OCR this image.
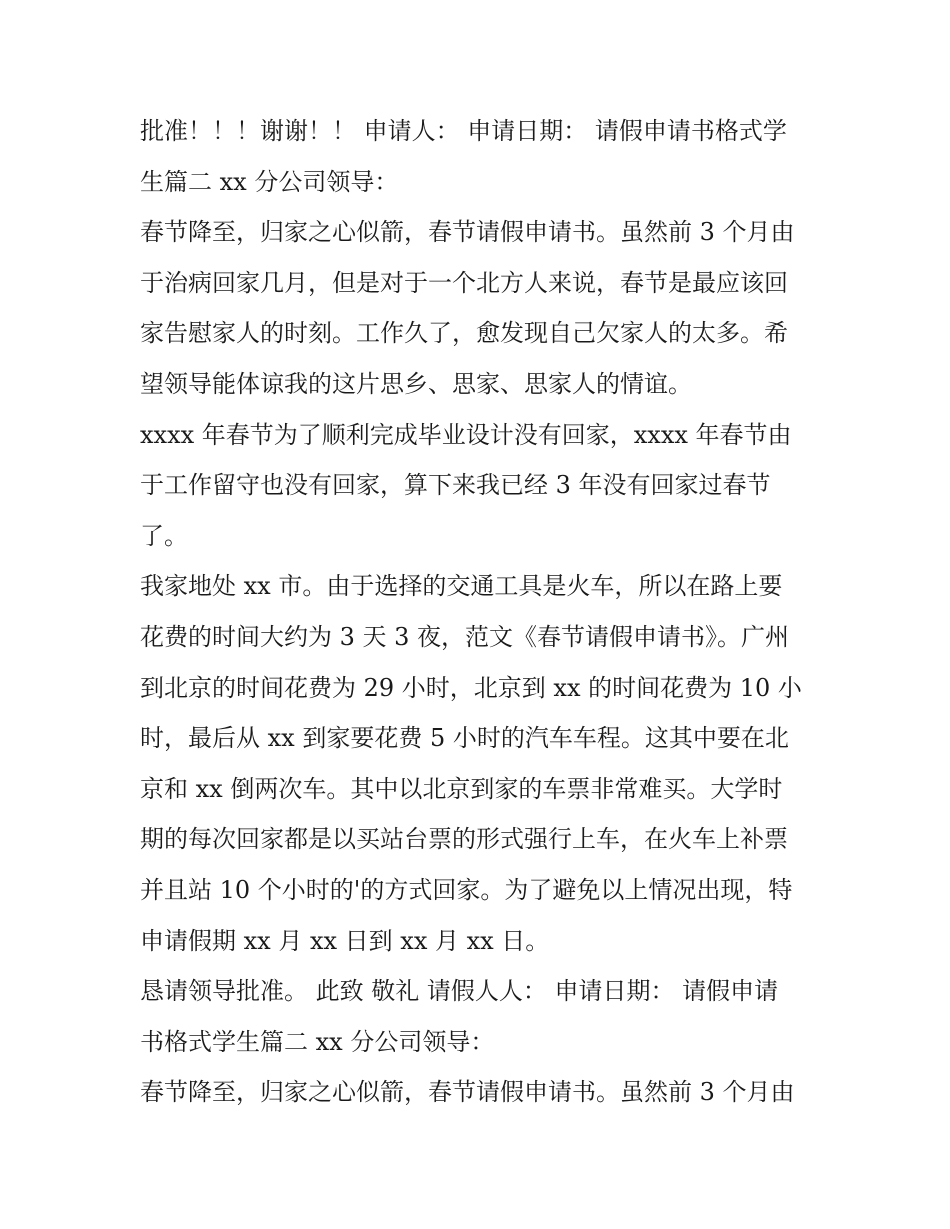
批准！！！谢谢！！ 申请人： 申请日期： 请假申请书格式学
生篇二 xx 分公司领导：
春节降至，归家之心似箭，春节请假申请书。虽然前 3 个月由
于治病回家几月，但是对于一个北方人来说，春节是最应该回
家告慰家人的时刻。工作久了，愈发现自己欠家人的太多。希
望领导能体谅我的这片思乡、思家、思家人的情谊。
xxxx 年春节为了顺利完成毕业设计没有回家，xxxx 年春节由
于工作留守也没有回家，算下来我已经 3 年没有回家过春节
了。
我家地处 xx 市。由于选择的交通工具是火车，所以在路上要
花费的时间大约为 3 天 3 夜，范文《春节请假申请书》。广州
到北京的时间花费为 29 小时，北京到 xx 的时间花费为 10 小
时，最后从 xx 到家要花费 5 小时的汽车车程。这其中要在北
京和 xx 倒两次车。其中以北京到家的车票非常难买。大学时
期的每次回家都是以买站台票的形式强行上车，在火车上补票
并且站 10 个小时的'的方式回家。为了避免以上情况出现，特
申请假期 xx 月 xx 日到 xx 月 xx 日。
恳请领导批准。 此致 敬礼 请假人人： 申请日期： 请假申请
书格式学生篇二 xx 分公司领导：
春节降至，归家之心似箭，春节请假申请书。虽然前 3 个月由
